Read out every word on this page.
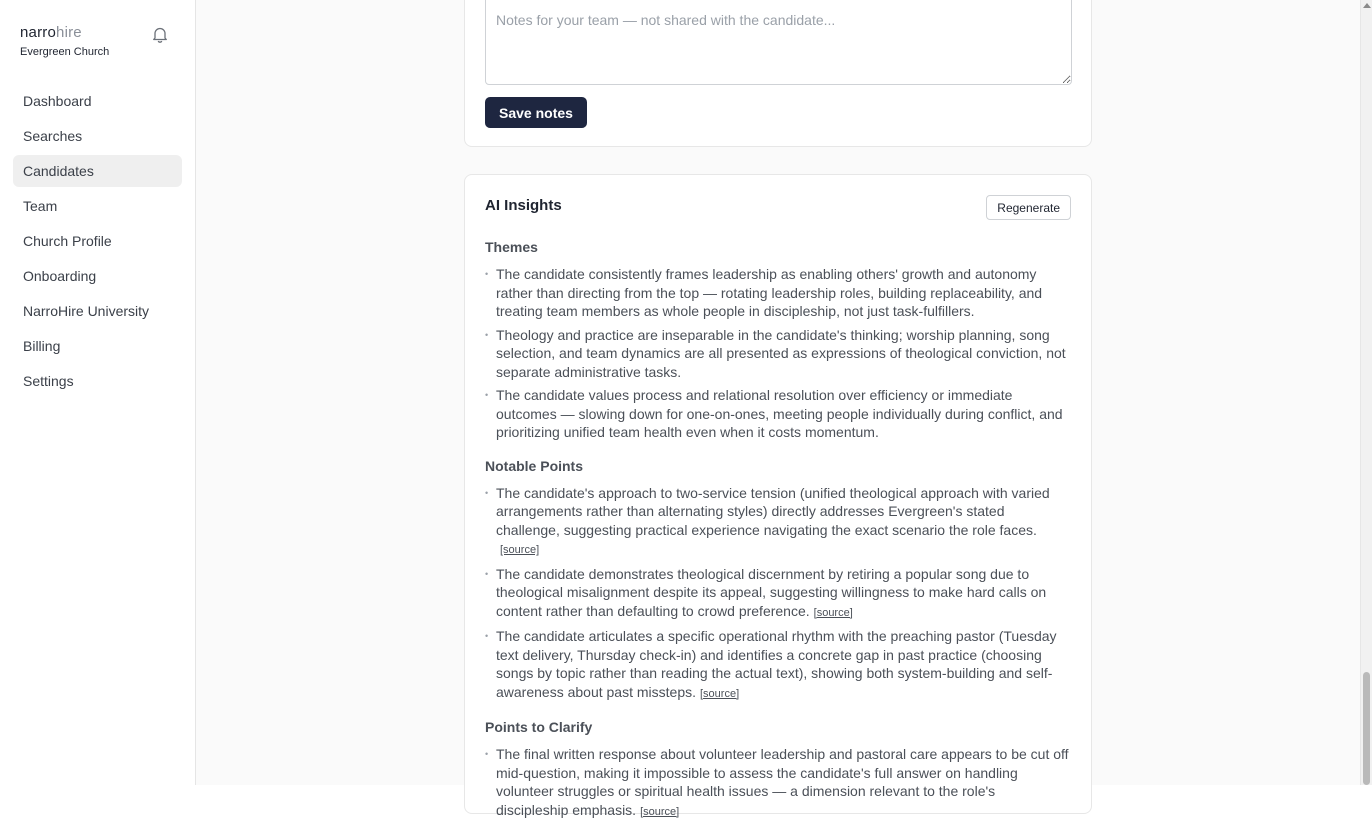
narrohire
Evergreen Church
Dashboard
Searches
Candidates
Team
Church Profile
Onboarding
NarroHire University
Billing
Settings
Notes for your team — not shared with the candidate...
Save notes
AI Insights	Regenerate
Themes
• The candidate consistently frames leadership as enabling others' growth and autonomy rather than directing from the top — rotating leadership roles, building replaceability, and treating team members as whole people in discipleship, not just task-fulfillers.
• Theology and practice are inseparable in the candidate's thinking; worship planning, song selection, and team dynamics are all presented as expressions of theological conviction, not separate administrative tasks.
• The candidate values process and relational resolution over efficiency or immediate outcomes — slowing down for one-on-ones, meeting people individually during conflict, and prioritizing unified team health even when it costs momentum.
Notable Points
• The candidate's approach to two-service tension (unified theological approach with varied arrangements rather than alternating styles) directly addresses Evergreen's stated challenge, suggesting practical experience navigating the exact scenario the role faces.[source]
• The candidate demonstrates theological discernment by retiring a popular song due to theological misalignment despite its appeal, suggesting willingness to make hard calls on content rather than defaulting to crowd preference. [source]
• The candidate articulates a specific operational rhythm with the preaching pastor (Tuesday text delivery, Thursday check-in) and identifies a concrete gap in past practice (choosing songs by topic rather than reading the actual text), showing both system-building and self-awareness about past missteps. [source]
Points to Clarify
• The final written response about volunteer leadership and pastoral care appears to be cut off mid-question, making it impossible to assess the candidate's full answer on handling volunteer struggles or spiritual health issues — a dimension relevant to the role's discipleship emphasis. [source]
